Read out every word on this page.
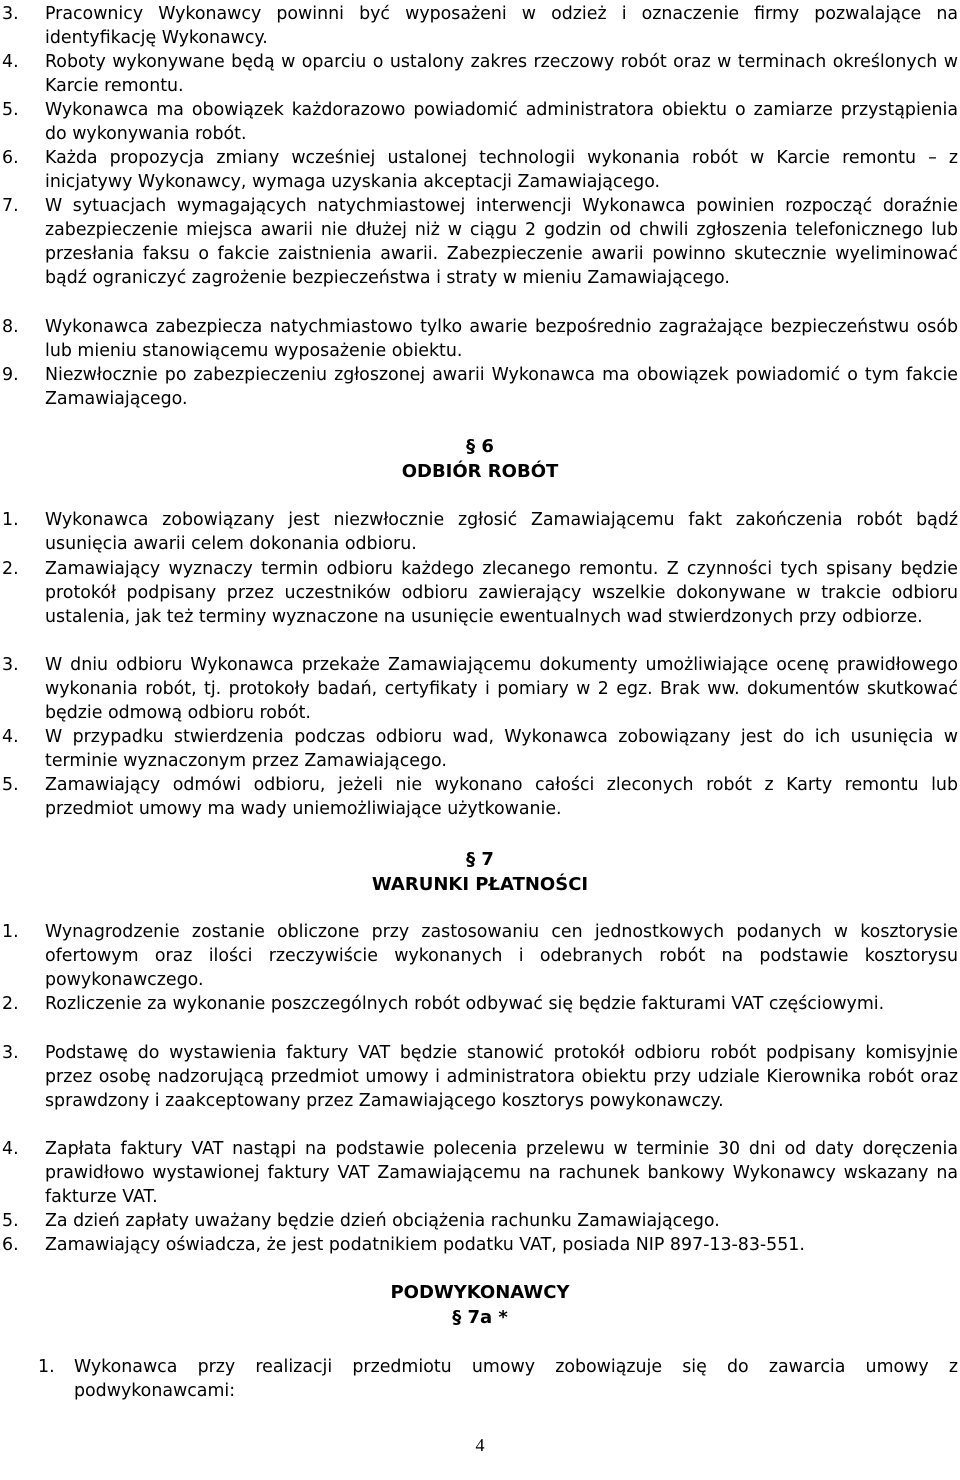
3. Pracownicy Wykonawcy powinni być wyposażeni w odzież i oznaczenie firmy pozwalające na identyfikację Wykonawcy.
4. Roboty wykonywane będą w oparciu o ustalony zakres rzeczowy robót oraz w terminach określonych w Karcie remontu.
5. Wykonawca ma obowiązek każdorazowo powiadomić administratora obiektu o zamiarze przystąpienia do wykonywania robót.
6. Każda propozycja zmiany wcześniej ustalonej technologii wykonania robót w Karcie remontu – z inicjatywy Wykonawcy, wymaga uzyskania akceptacji Zamawiającego.
7. W sytuacjach wymagających natychmiastowej interwencji Wykonawca powinien rozpocząć doraźnie zabezpieczenie miejsca awarii nie dłużej niż w ciągu 2 godzin od chwili zgłoszenia telefonicznego lub przesłania faksu o fakcie zaistnienia awarii. Zabezpieczenie awarii powinno skutecznie wyeliminować bądź ograniczyć zagrożenie bezpieczeństwa i straty w mieniu Zamawiającego.
8. Wykonawca zabezpiecza natychmiastowo tylko awarie bezpośrednio zagrażające bezpieczeństwu osób lub mieniu stanowiącemu wyposażenie obiektu.
9. Niezwłocznie po zabezpieczeniu zgłoszonej awarii Wykonawca ma obowiązek powiadomić o tym fakcie Zamawiającego.
§ 6
ODBIÓR ROBÓT
1. Wykonawca zobowiązany jest niezwłocznie zgłosić Zamawiającemu fakt zakończenia robót bądź usunięcia awarii celem dokonania odbioru.
2. Zamawiający wyznaczy termin odbioru każdego zlecanego remontu. Z czynności tych spisany będzie protokół podpisany przez uczestników odbioru zawierający wszelkie dokonywane w trakcie odbioru ustalenia, jak też terminy wyznaczone na usunięcie ewentualnych wad stwierdzonych przy odbiorze.
3. W dniu odbioru Wykonawca przekaże Zamawiającemu dokumenty umożliwiające ocenę prawidłowego wykonania robót, tj. protokoły badań, certyfikaty i pomiary w 2 egz. Brak ww. dokumentów skutkować będzie odmową odbioru robót.
4. W przypadku stwierdzenia podczas odbioru wad, Wykonawca zobowiązany jest do ich usunięcia w terminie wyznaczonym przez Zamawiającego.
5. Zamawiający odmówi odbioru, jeżeli nie wykonano całości zleconych robót z Karty remontu lub przedmiot umowy ma wady uniemożliwiające użytkowanie.
§ 7
WARUNKI PŁATNOŚCI
1. Wynagrodzenie zostanie obliczone przy zastosowaniu cen jednostkowych podanych w kosztorysie ofertowym oraz ilości rzeczywiście wykonanych i odebranych robót na podstawie kosztorysu powykonawczego.
2. Rozliczenie za wykonanie poszczególnych robót odbywać się będzie fakturami VAT częściowymi.
3. Podstawę do wystawienia faktury VAT będzie stanowić protokół odbioru robót podpisany komisyjnie przez osobę nadzorującą przedmiot umowy i administratora obiektu przy udziale Kierownika robót oraz sprawdzony i zaakceptowany przez Zamawiającego kosztorys powykonawczy.
4. Zapłata faktury VAT nastąpi na podstawie polecenia przelewu w terminie 30 dni od daty doręczenia prawidłowo wystawionej faktury VAT Zamawiającemu na rachunek bankowy Wykonawcy wskazany na fakturze VAT.
5. Za dzień zapłaty uważany będzie dzień obciążenia rachunku Zamawiającego.
6. Zamawiający oświadcza, że jest podatnikiem podatku VAT, posiada NIP 897-13-83-551.
PODWYKONAWCY
§ 7a *
1. Wykonawca przy realizacji przedmiotu umowy zobowiązuje się do zawarcia umowy z podwykonawcami:
4
